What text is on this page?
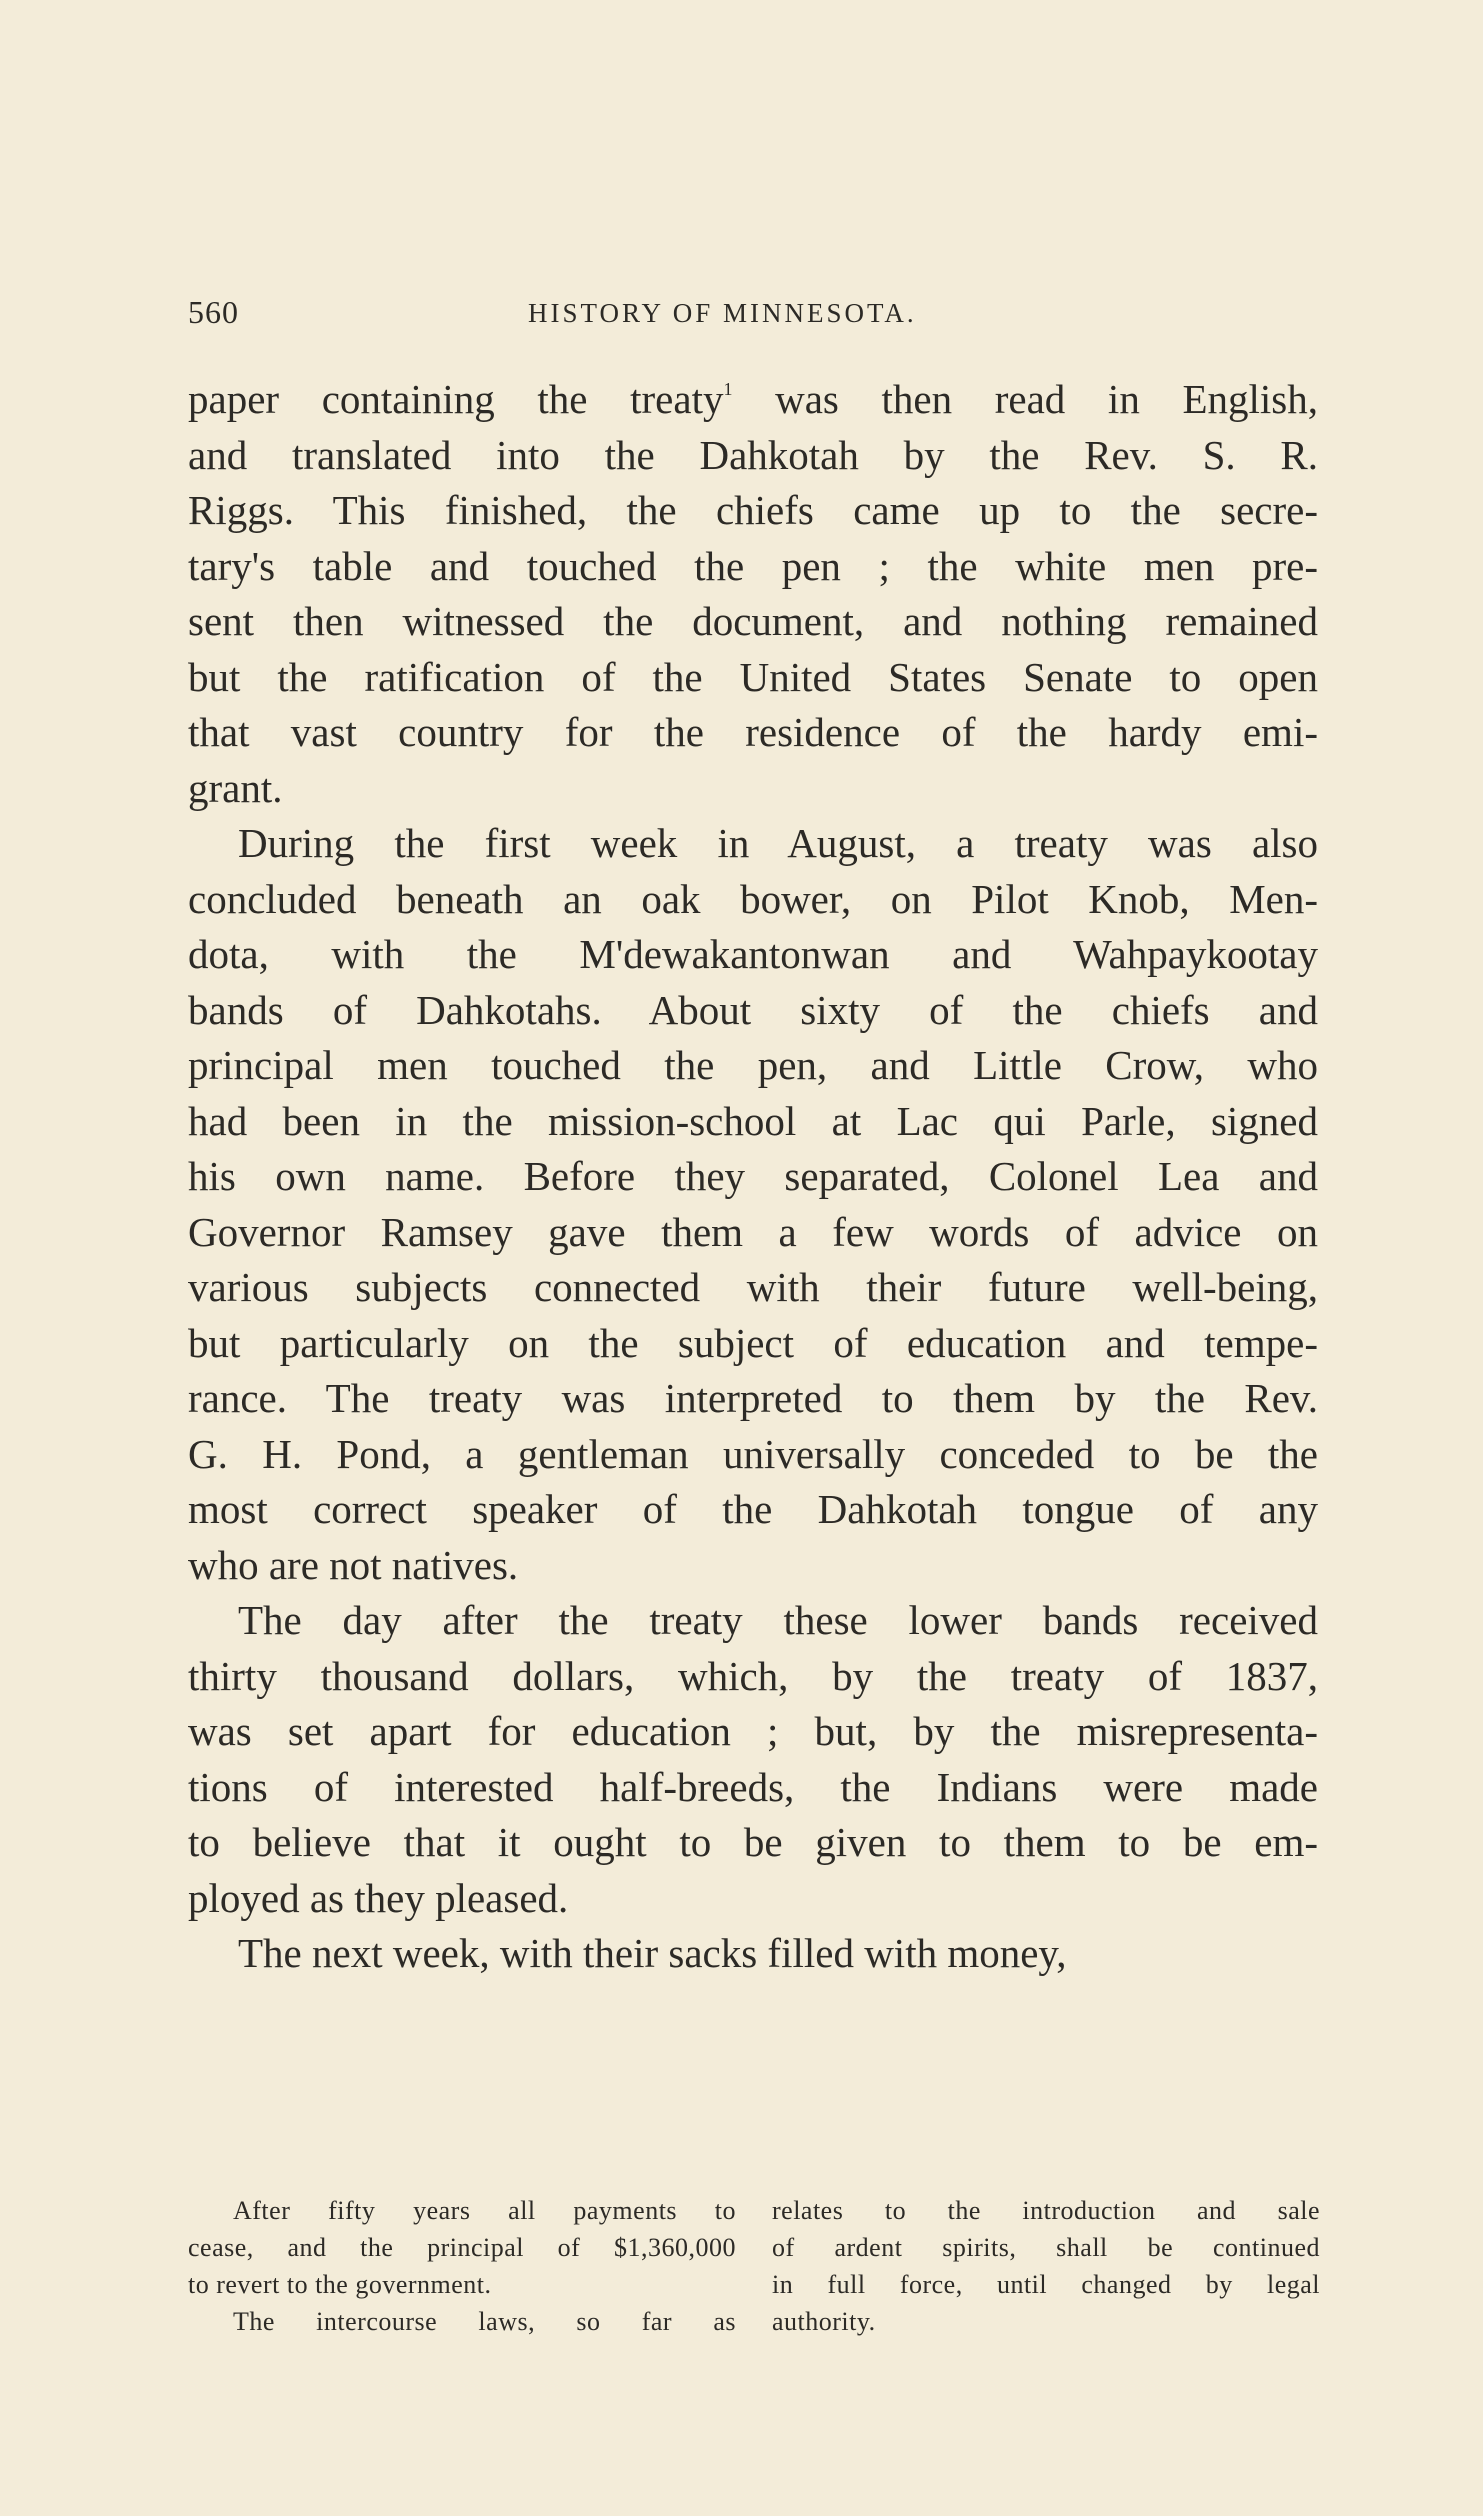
560	HISTORY OF MINNESOTA.
paper containing the treaty$^1$ was then read in English,
and translated into the Dahkotah by the Rev. S. R.
Riggs. This finished, the chiefs came up to the secre-
tary's table and touched the pen ; the white men pre-
sent then witnessed the document, and nothing remained
but the ratification of the United States Senate to open
that vast country for the residence of the hardy emi-
grant.
During the first week in August, a treaty was also
concluded beneath an oak bower, on Pilot Knob, Men-
dota, with the M'dewakantonwan and Wahpaykootay
bands of Dahkotahs. About sixty of the chiefs and
principal men touched the pen, and Little Crow, who
had been in the mission-school at Lac qui Parle, signed
his own name. Before they separated, Colonel Lea and
Governor Ramsey gave them a few words of advice on
various subjects connected with their future well-being,
but particularly on the subject of education and tempe-
rance. The treaty was interpreted to them by the Rev.
G. H. Pond, a gentleman universally conceded to be the
most correct speaker of the Dahkotah tongue of any
who are not natives.
The day after the treaty these lower bands received
thirty thousand dollars, which, by the treaty of 1837,
was set apart for education ; but, by the misrepresenta-
tions of interested half-breeds, the Indians were made
to believe that it ought to be given to them to be em-
ployed as they pleased.
The next week, with their sacks filled with money,
After fifty years all payments to
cease, and the principal of $1,360,000
to revert to the government.
The intercourse laws, so far as
relates to the introduction and sale
of ardent spirits, shall be continued
in full force, until changed by legal
authority.
